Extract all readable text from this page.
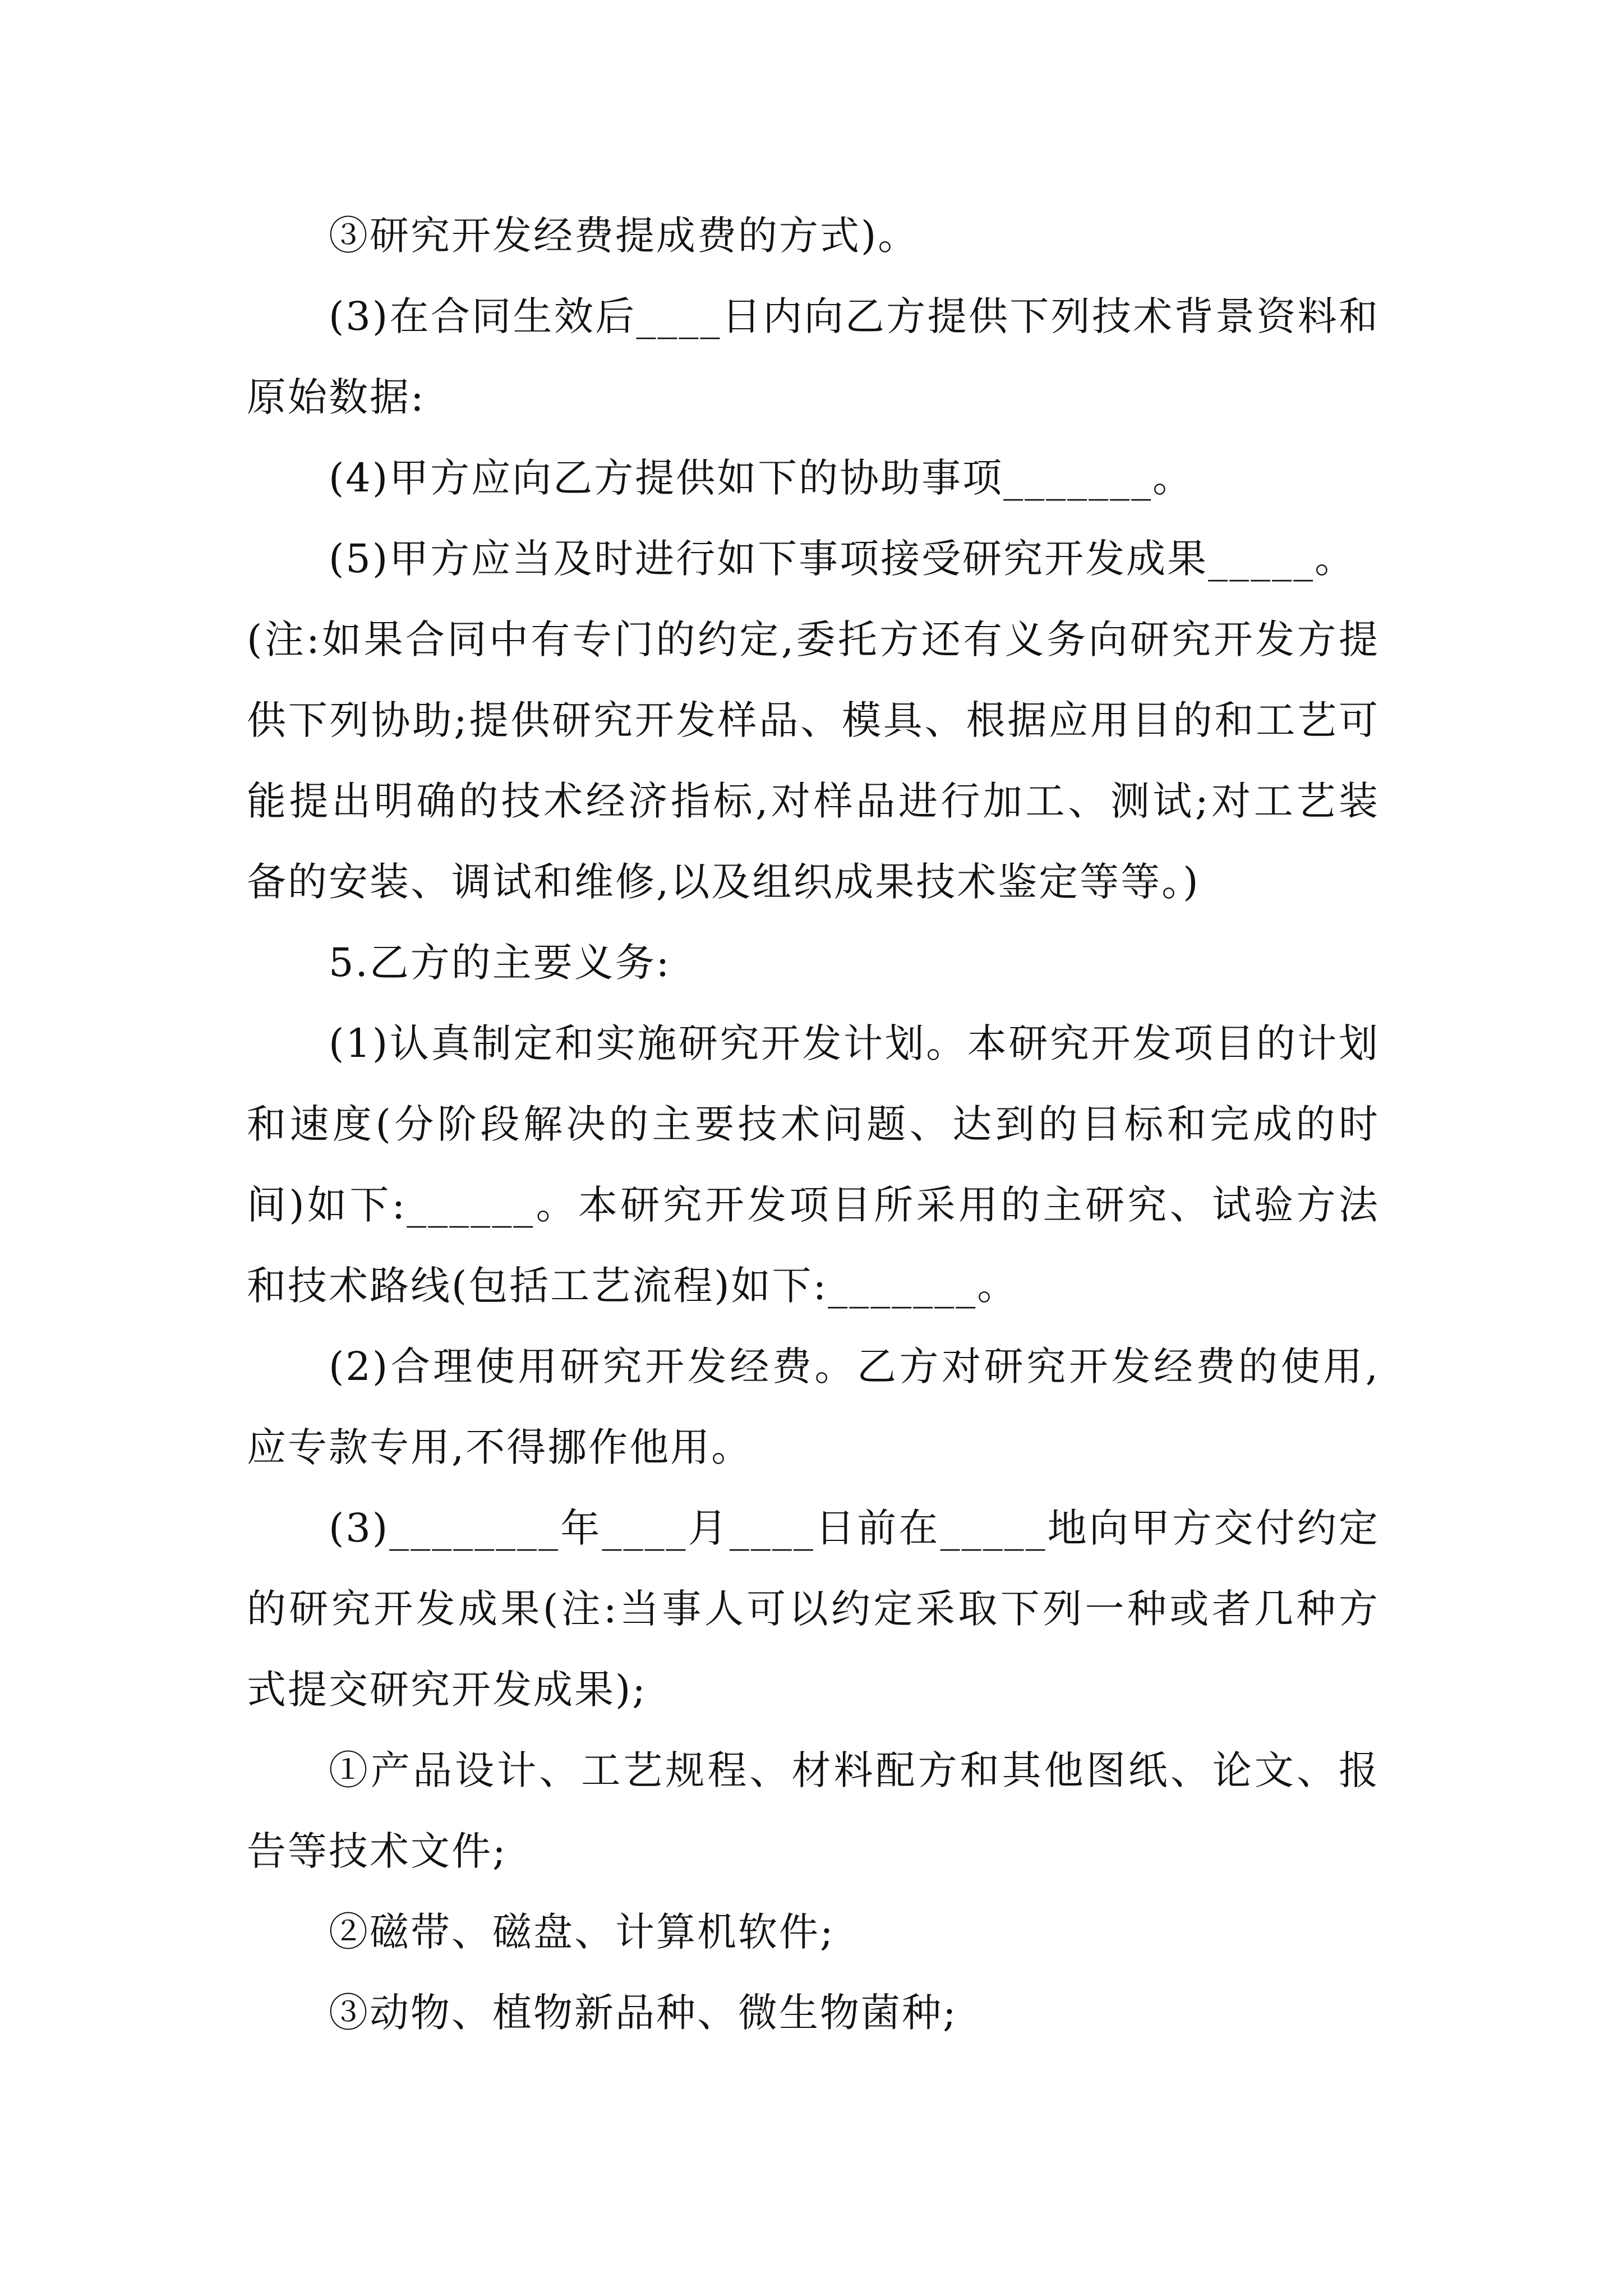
③研究开发经费提成费的方式)。

(3)在合同生效后____日内向乙方提供下列技术背景资料和原始数据:

(4)甲方应向乙方提供如下的协助事项_______。

(5)甲方应当及时进行如下事项接受研究开发成果_____。

(注:如果合同中有专门的约定,委托方还有义务向研究开发方提供下列协助;提供研究开发样品、模具、根据应用目的和工艺可能提出明确的技术经济指标,对样品进行加工、测试;对工艺装备的安装、调试和维修,以及组织成果技术鉴定等等。)

5.乙方的主要义务:

(1)认真制定和实施研究开发计划。本研究开发项目的计划和速度(分阶段解决的主要技术问题、达到的目标和完成的时间)如下:______。本研究开发项目所采用的主研究、试验方法和技术路线(包括工艺流程)如下:_______。

(2)合理使用研究开发经费。乙方对研究开发经费的使用,应专款专用,不得挪作他用。

(3)________年____月____日前在_____地向甲方交付约定的研究开发成果(注:当事人可以约定采取下列一种或者几种方式提交研究开发成果);

①产品设计、工艺规程、材料配方和其他图纸、论文、报告等技术文件;

②磁带、磁盘、计算机软件;

③动物、植物新品种、微生物菌种;
